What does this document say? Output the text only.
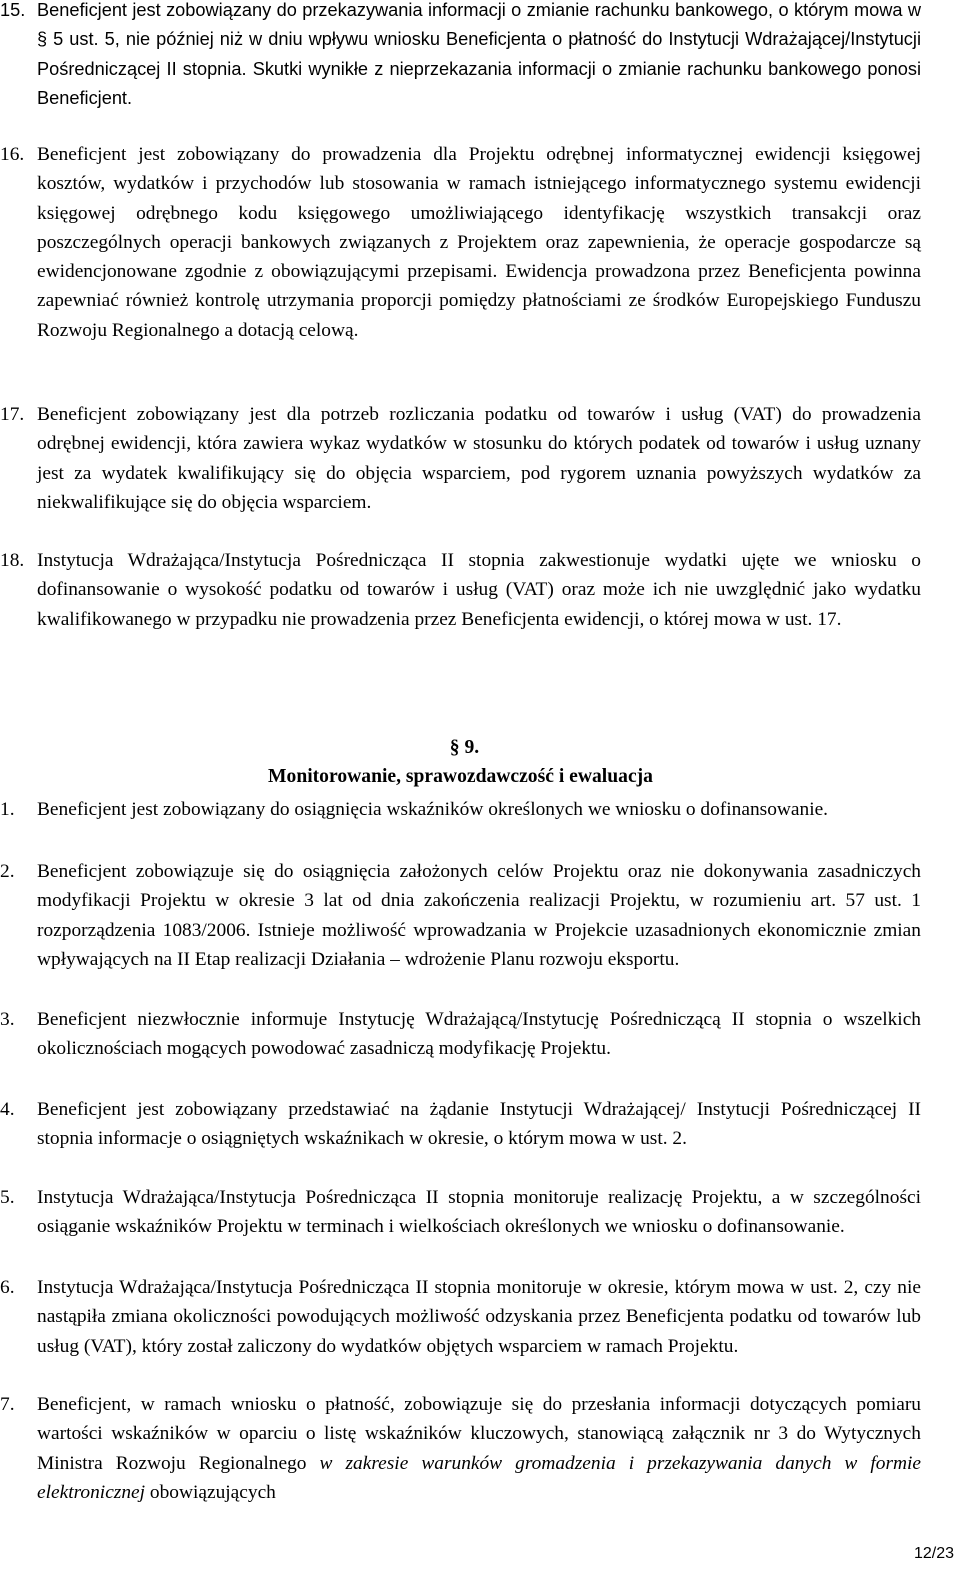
15. Beneficjent jest zobowiązany do przekazywania informacji o zmianie rachunku bankowego, o którym mowa w § 5 ust. 5, nie później niż w dniu wpływu wniosku Beneficjenta o płatność do Instytucji Wdrażającej/Instytucji Pośredniczącej II stopnia. Skutki wynikłe z nieprzekazania informacji o zmianie rachunku bankowego ponosi Beneficjent.
16. Beneficjent jest zobowiązany do prowadzenia dla Projektu odrębnej informatycznej ewidencji księgowej kosztów, wydatków i przychodów lub stosowania w ramach istniejącego informatycznego systemu ewidencji księgowej odrębnego kodu księgowego umożliwiającego identyfikację wszystkich transakcji oraz poszczególnych operacji bankowych związanych z Projektem oraz zapewnienia, że operacje gospodarcze są ewidencjonowane zgodnie z obowiązującymi przepisami. Ewidencja prowadzona przez Beneficjenta powinna zapewniać również kontrolę utrzymania proporcji pomiędzy płatnościami ze środków Europejskiego Funduszu Rozwoju Regionalnego a dotacją celową.
17. Beneficjent zobowiązany jest dla potrzeb rozliczania podatku od towarów i usług (VAT) do prowadzenia odrębnej ewidencji, która zawiera wykaz wydatków w stosunku do których podatek od towarów i usług uznany jest za wydatek kwalifikujący się do objęcia wsparciem, pod rygorem uznania powyższych wydatków za niekwalifikujące się do objęcia wsparciem.
18. Instytucja Wdrażająca/Instytucja Pośrednicząca II stopnia zakwestionuje wydatki ujęte we wniosku o dofinansowanie o wysokość podatku od towarów i usług (VAT) oraz może ich nie uwzględnić jako wydatku kwalifikowanego w przypadku nie prowadzenia przez Beneficjenta ewidencji, o której mowa w ust. 17.
§ 9.
Monitorowanie, sprawozdawczość i ewaluacja
1. Beneficjent jest zobowiązany do osiągnięcia wskaźników określonych we wniosku o dofinansowanie.
2. Beneficjent zobowiązuje się do osiągnięcia założonych celów Projektu oraz nie dokonywania zasadniczych modyfikacji Projektu w okresie 3 lat od dnia zakończenia realizacji Projektu, w rozumieniu art. 57 ust. 1 rozporządzenia 1083/2006. Istnieje możliwość wprowadzania w Projekcie uzasadnionych ekonomicznie zmian wpływających na II Etap realizacji Działania – wdrożenie Planu rozwoju eksportu.
3. Beneficjent niezwłocznie informuje Instytucję Wdrażającą/Instytucję Pośredniczącą II stopnia o wszelkich okolicznościach mogących powodować zasadniczą modyfikację Projektu.
4. Beneficjent jest zobowiązany przedstawiać na żądanie Instytucji Wdrażającej/ Instytucji Pośredniczącej II stopnia informacje o osiągniętych wskaźnikach w okresie, o którym mowa w ust. 2.
5. Instytucja Wdrażająca/Instytucja Pośrednicząca II stopnia monitoruje realizację Projektu, a w szczególności osiąganie wskaźników Projektu w terminach i wielkościach określonych we wniosku o dofinansowanie.
6. Instytucja Wdrażająca/Instytucja Pośrednicząca II stopnia monitoruje w okresie, którym mowa w ust. 2, czy nie nastąpiła zmiana okoliczności powodujących możliwość odzyskania przez Beneficjenta podatku od towarów lub usług (VAT), który został zaliczony do wydatków objętych wsparciem w ramach Projektu.
7. Beneficjent, w ramach wniosku o płatność, zobowiązuje się do przesłania informacji dotyczących pomiaru wartości wskaźników w oparciu o listę wskaźników kluczowych, stanowiącą załącznik nr 3 do Wytycznych Ministra Rozwoju Regionalnego w zakresie warunków gromadzenia i przekazywania danych w formie elektronicznej obowiązujących
12/23
